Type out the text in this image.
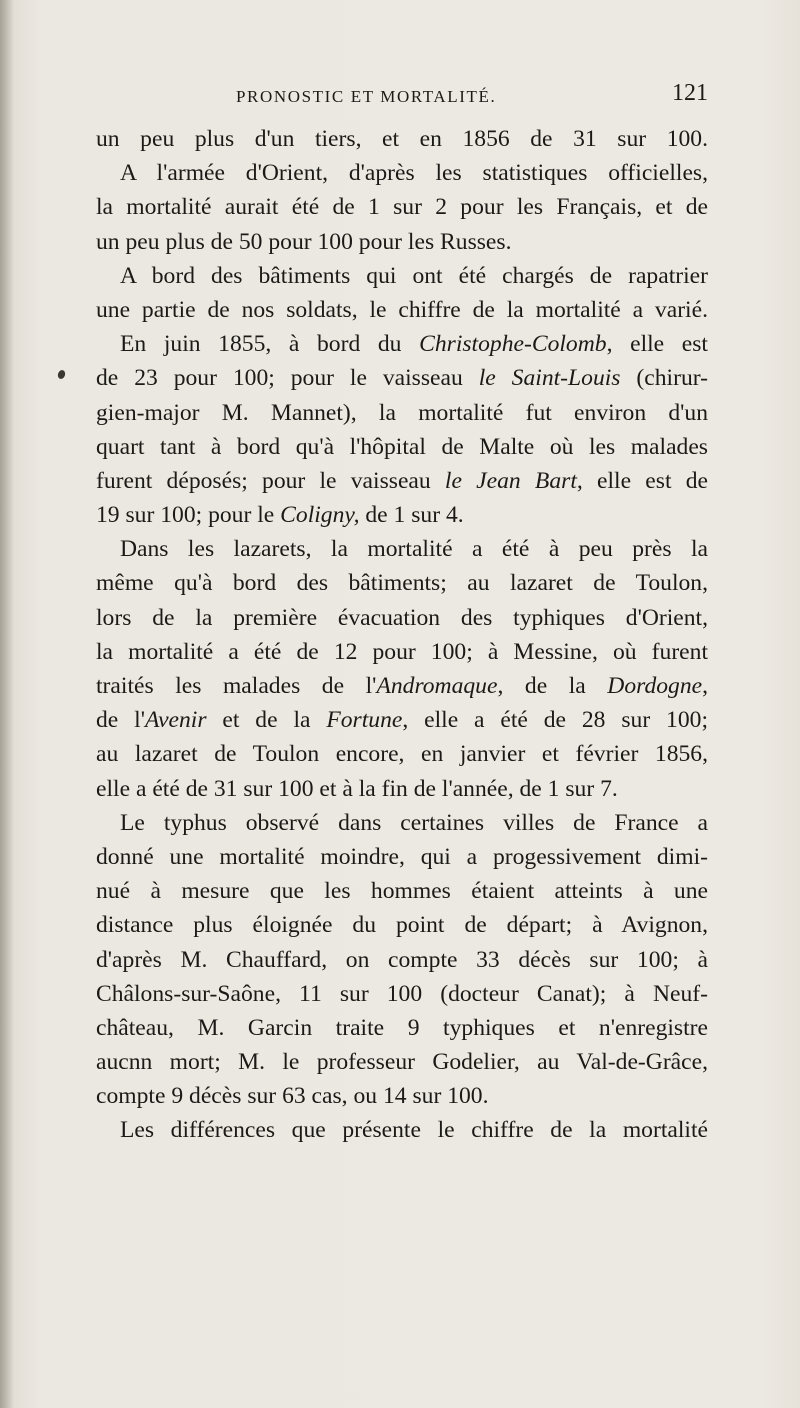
PRONOSTIC ET MORTALITÉ.	121
un peu plus d'un tiers, et en 1856 de 31 sur 100.
A l'armée d'Orient, d'après les statistiques officielles,
la mortalité aurait été de 1 sur 2 pour les Français, et de
un peu plus de 50 pour 100 pour les Russes.
A bord des bâtiments qui ont été chargés de rapatrier
une partie de nos soldats, le chiffre de la mortalité a varié.
En juin 1855, à bord du Christophe-Colomb, elle est
de 23 pour 100; pour le vaisseau le Saint-Louis (chirur-
gien-major M. Mannet), la mortalité fut environ d'un
quart tant à bord qu'à l'hôpital de Malte où les malades
furent déposés; pour le vaisseau le Jean Bart, elle est de
19 sur 100; pour le Coligny, de 1 sur 4.
Dans les lazarets, la mortalité a été à peu près la
même qu'à bord des bâtiments; au lazaret de Toulon,
lors de la première évacuation des typhiques d'Orient,
la mortalité a été de 12 pour 100; à Messine, où furent
traités les malades de l'Andromaque, de la Dordogne,
de l'Avenir et de la Fortune, elle a été de 28 sur 100;
au lazaret de Toulon encore, en janvier et février 1856,
elle a été de 31 sur 100 et à la fin de l'année, de 1 sur 7.
Le typhus observé dans certaines villes de France a
donné une mortalité moindre, qui a progessivement dimi-
nué à mesure que les hommes étaient atteints à une
distance plus éloignée du point de départ; à Avignon,
d'après M. Chauffard, on compte 33 décès sur 100; à
Châlons-sur-Saône, 11 sur 100 (docteur Canat); à Neuf-
château, M. Garcin traite 9 typhiques et n'enregistre
aucnn mort; M. le professeur Godelier, au Val-de-Grâce,
compte 9 décès sur 63 cas, ou 14 sur 100.
Les différences que présente le chiffre de la mortalité
